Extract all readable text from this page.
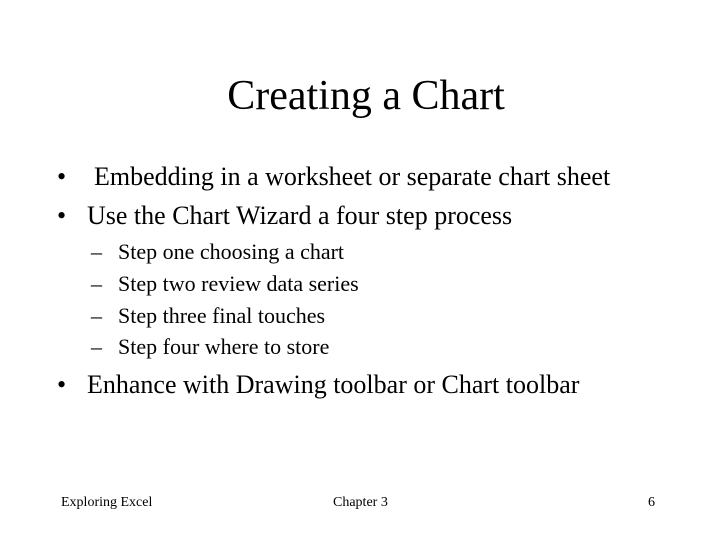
Creating a Chart
• Embedding in a worksheet or separate chart sheet
• Use the Chart Wizard a four step process
– Step one choosing a chart
– Step two review data series
– Step three final touches
– Step four where to store
• Enhance with Drawing toolbar or Chart toolbar
Exploring Excel	Chapter 3	6
